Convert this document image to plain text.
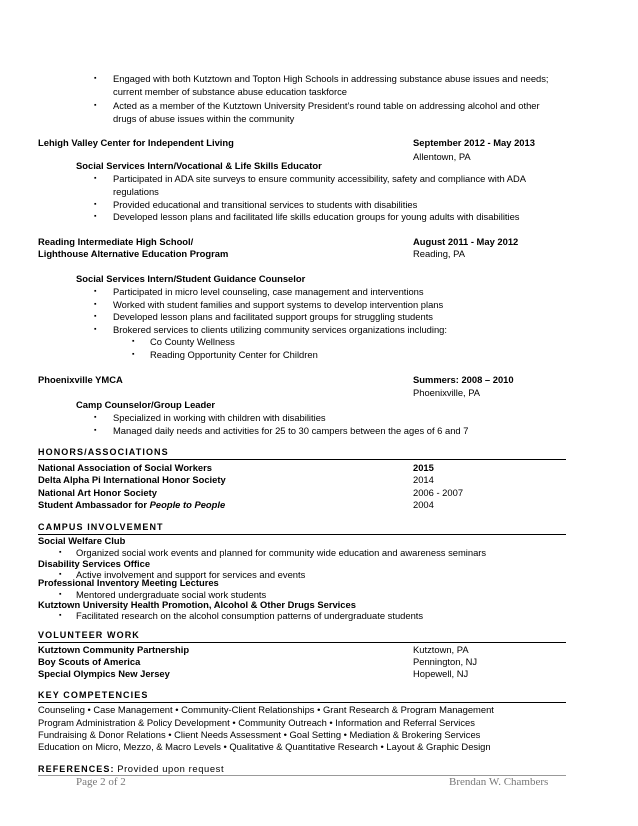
▪ Engaged with both Kutztown and Topton High Schools in addressing substance abuse issues and needs;
current member of substance abuse education taskforce
▪ Acted as a member of the Kutztown University President’s round table on addressing alcohol and other
drugs of abuse issues within the community
Lehigh Valley Center for Independent Living	September 2012 - May 2013
Allentown, PA
Social Services Intern/Vocational & Life Skills Educator
▪ Participated in ADA site surveys to ensure community accessibility, safety and compliance with ADA
regulations
▪ Provided educational and transitional services to students with disabilities
▪ Developed lesson plans and facilitated life skills education groups for young adults with disabilities
Reading Intermediate High School/
Lighthouse Alternative Education Program
August 2011 - May 2012
Reading, PA
Social Services Intern/Student Guidance Counselor
▪ Participated in micro level counseling, case management and interventions
▪ Worked with student families and support systems to develop intervention plans
▪ Developed lesson plans and facilitated support groups for struggling students
▪ Brokered services to clients utilizing community services organizations including:
▪ Co County Wellness
▪ Reading Opportunity Center for Children
Phoenixville YMCA	Summers: 2008 – 2010
Phoenixville, PA
Camp Counselor/Group Leader
▪ Specialized in working with children with disabilities
▪ Managed daily needs and activities for 25 to 30 campers between the ages of 6 and 7
HONORS/ASSOCIATIONS
National Association of Social Workers	2015
Delta Alpha Pi International Honor Society	2014
National Art Honor Society	2006 - 2007
Student Ambassador for People to People	2004
CAMPUS INVOLVEMENT
Social Welfare Club
▪ Organized social work events and planned for community wide education and awareness seminars
Disability Services Office
▪ Active involvement and support for services and events
Professional Inventory Meeting Lectures
▪ Mentored undergraduate social work students
Kutztown University Health Promotion, Alcohol & Other Drugs Services
▪ Facilitated research on the alcohol consumption patterns of undergraduate students
VOLUNTEER WORK
Kutztown Community Partnership	Kutztown, PA
Boy Scouts of America	Pennington, NJ
Special Olympics New Jersey	Hopewell, NJ
KEY COMPETENCIES
Counseling • Case Management • Community-Client Relationships • Grant Research & Program Management
Program Administration & Policy Development • Community Outreach • Information and Referral Services
Fundraising & Donor Relations • Client Needs Assessment • Goal Setting • Mediation & Brokering Services
Education on Micro, Mezzo, & Macro Levels • Qualitative & Quantitative Research • Layout & Graphic Design
REFERENCES: Provided upon request
Page 2 of 2	Brendan W. Chambers
